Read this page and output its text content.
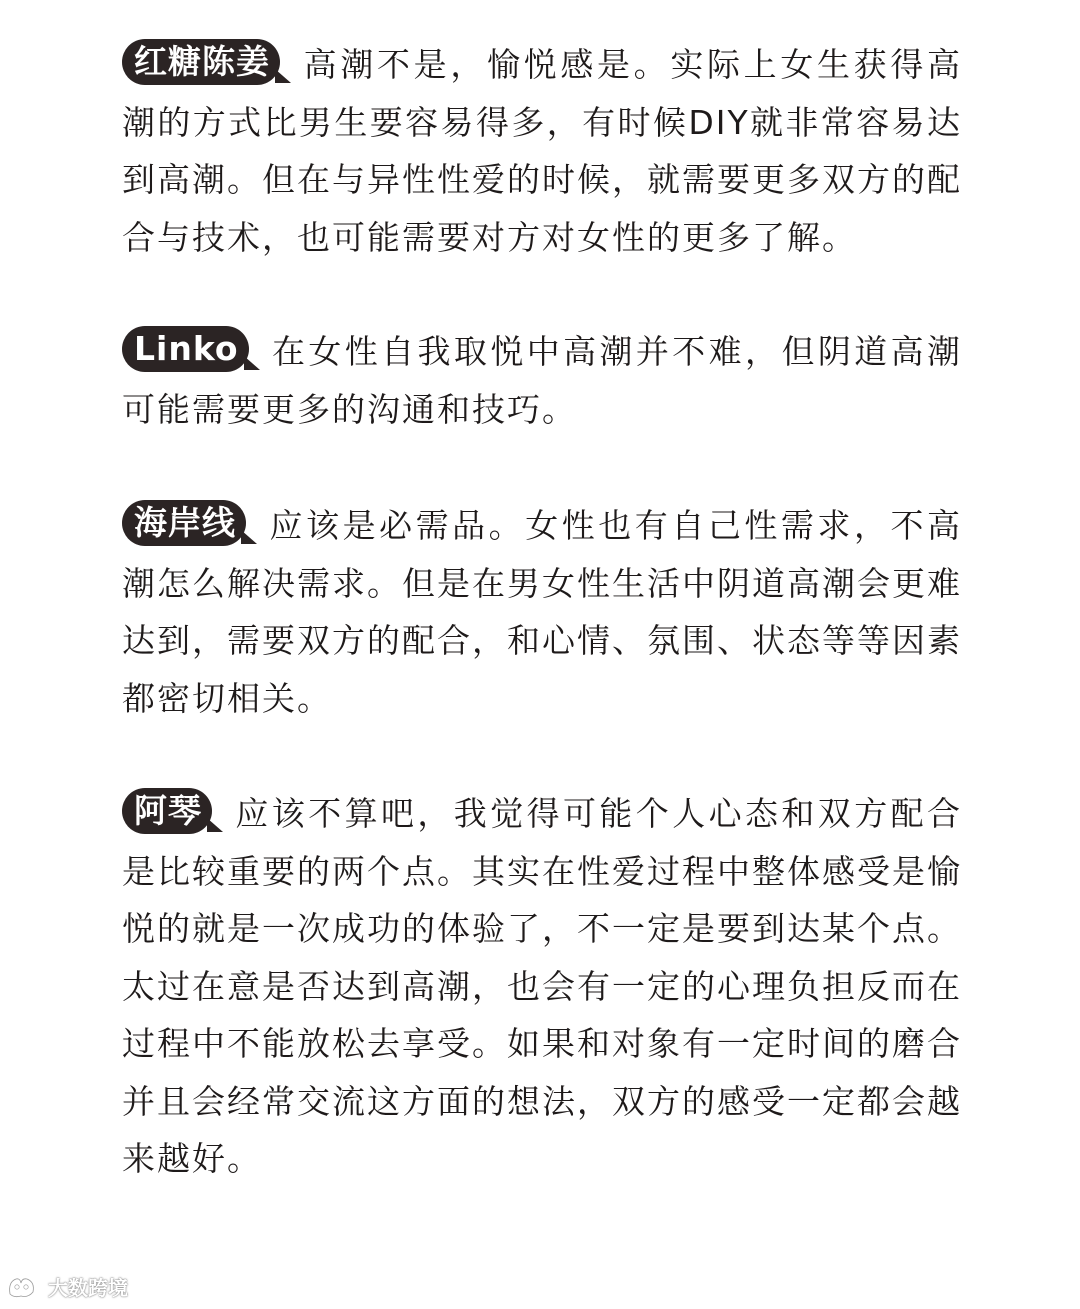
红糖陈姜 高潮不是，愉悦感是。实际上女生获得高潮的方式比男生要容易得多，有时候DIY就非常容易达到高潮。但在与异性性爱的时候，就需要更多双方的配合与技术，也可能需要对方对女性的更多了解。
Linko 在女性自我取悦中高潮并不难，但阴道高潮可能需要更多的沟通和技巧。
海岸线 应该是必需品。女性也有自己性需求，不高潮怎么解决需求。但是在男女性生活中阴道高潮会更难达到，需要双方的配合，和心情、氛围、状态等等因素都密切相关。
阿琴 应该不算吧，我觉得可能个人心态和双方配合是比较重要的两个点。其实在性爱过程中整体感受是愉悦的就是一次成功的体验了，不一定是要到达某个点。太过在意是否达到高潮，也会有一定的心理负担反而在过程中不能放松去享受。如果和对象有一定时间的磨合并且会经常交流这方面的想法，双方的感受一定都会越来越好。
大数跨境
